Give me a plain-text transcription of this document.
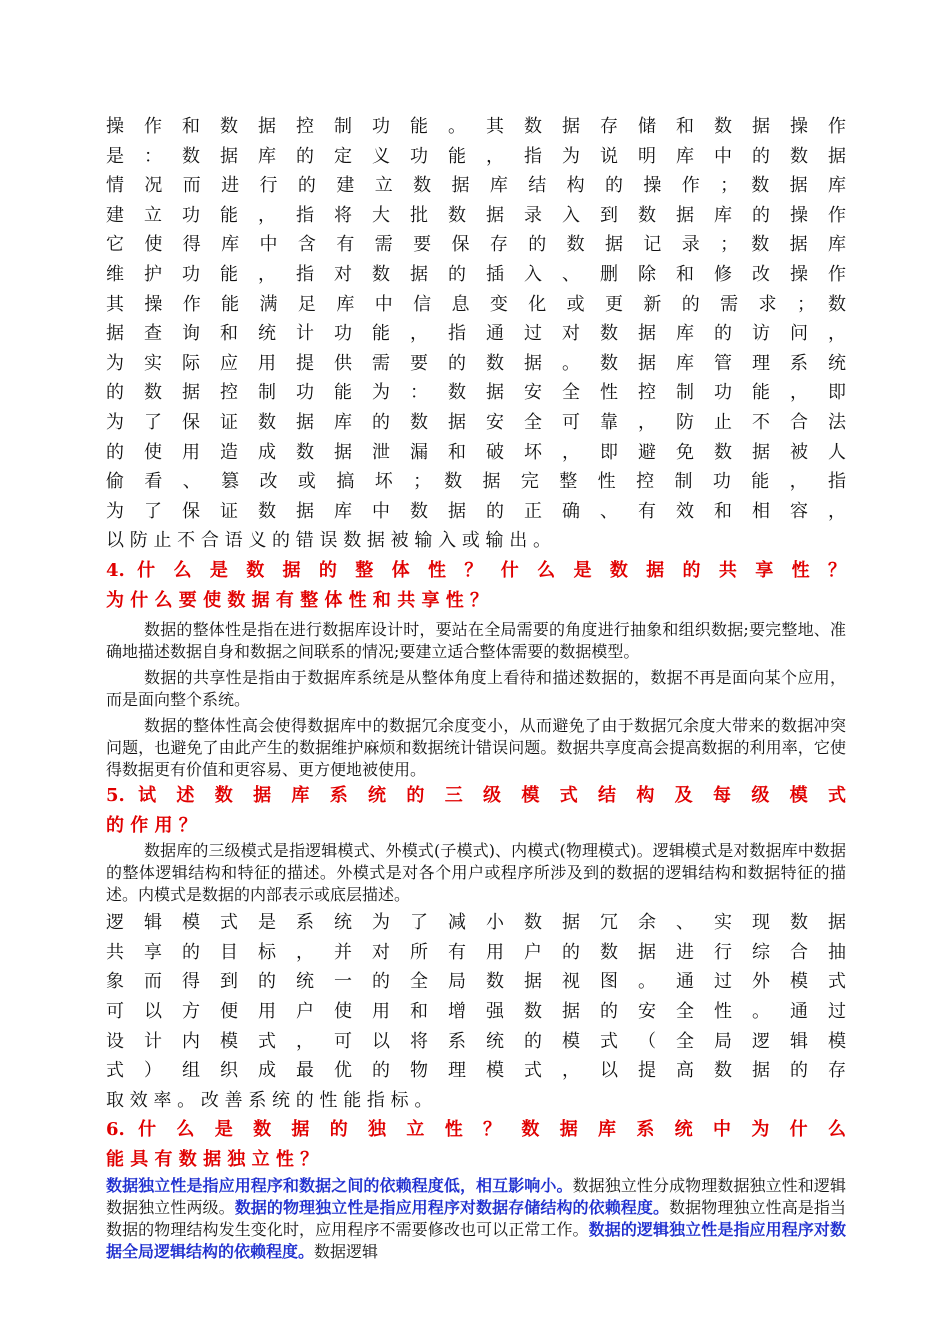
操 作 和 数 据 控 制 功 能 。 其 数 据 存 储 和 数 据 操 作
是 ： 数 据 库 的 定 义 功 能 ， 指 为 说 明 库 中 的 数 据
情 况 而 进 行 的 建 立 数 据 库 结 构 的 操 作 ； 数 据 库
建 立 功 能 ， 指 将 大 批 数 据 录 入 到 数 据 库 的 操 作
它 使 得 库 中 含 有 需 要 保 存 的 数 据 记 录 ； 数 据 库
维 护 功 能 ， 指 对 数 据 的 插 入 、 删 除 和 修 改 操 作
其 操 作 能 满 足 库 中 信 息 变 化 或 更 新 的 需 求 ； 数
据 查 询 和 统 计 功 能 ， 指 通 过 对 数 据 库 的 访 问 ，
为 实 际 应 用 提 供 需 要 的 数 据 。 数 据 库 管 理 系 统
的 数 据 控 制 功 能 为 ： 数 据 安 全 性 控 制 功 能 ， 即
为 了 保 证 数 据 库 的 数 据 安 全 可 靠 ， 防 止 不 合 法
的 使 用 造 成 数 据 泄 漏 和 破 坏 ， 即 避 免 数 据 被 人
偷 看 、 篡 改 或 搞 坏 ； 数 据 完 整 性 控 制 功 能 ， 指
为 了 保 证 数 据 库 中 数 据 的 正 确 、 有 效 和 相 容 ，
以 防 止 不 合 语 义 的 错 误 数 据 被 输 入 或 输 出 。
4. 什 么 是 数 据 的 整 体 性 ？ 什 么 是 数 据 的 共 享 性 ？
为 什 么 要 使 数 据 有 整 体 性 和 共 享 性 ？

数据的整体性是指在进行数据库设计时，要站在全局需要的角度进行抽象和组织数据;要完整地、准确地描述数据自身和数据之间联系的情况;要建立适合整体需要的数据模型。

数据的共享性是指由于数据库系统是从整体角度上看待和描述数据的，数据不再是面向某个应用，而是面向整个系统。

数据的整体性高会使得数据库中的数据冗余度变小，从而避免了由于数据冗余度大带来的数据冲突问题，也避免了由此产生的数据维护麻烦和数据统计错误问题。数据共享度高会提高数据的利用率，它使得数据更有价值和更容易、更方便地被使用。

5. 试 述 数 据 库 系 统 的 三 级 模 式 结 构 及 每 级 模 式
的 作 用 ？

数据库的三级模式是指逻辑模式、外模式(子模式)、内模式(物理模式)。逻辑模式是对数据库中数据的整体逻辑结构和特征的描述。外模式是对各个用户或程序所涉及到的数据的逻辑结构和数据特征的描述。内模式是数据的内部表示或底层描述。

逻 辑 模 式 是 系 统 为 了 减 小 数 据 冗 余 、 实 现 数 据
共 享 的 目 标 ， 并 对 所 有 用 户 的 数 据 进 行 综 合 抽
象 而 得 到 的 统 一 的 全 局 数 据 视 图 。 通 过 外 模 式
可 以 方 便 用 户 使 用 和 增 强 数 据 的 安 全 性 。 通 过
设 计 内 模 式 ， 可 以 将 系 统 的 模 式 （ 全 局 逻 辑 模
式 ） 组 织 成 最 优 的 物 理 模 式 ， 以 提 高 数 据 的 存
取 效 率 。 改 善 系 统 的 性 能 指 标 。
6. 什 么 是 数 据 的 独 立 性 ？ 数 据 库 系 统 中 为 什 么
能 具 有 数 据 独 立 性 ？

数据独立性是指应用程序和数据之间的依赖程度低，相互影响小。数据独立性分成物理数据独立性和逻辑数据独立性两级。数据的物理独立性是指应用程序对数据存储结构的依赖程度。数据物理独立性高是指当数据的物理结构发生变化时，应用程序不需要修改也可以正常工作。数据的逻辑独立性是指应用程序对数据全局逻辑结构的依赖程度。数据逻辑
